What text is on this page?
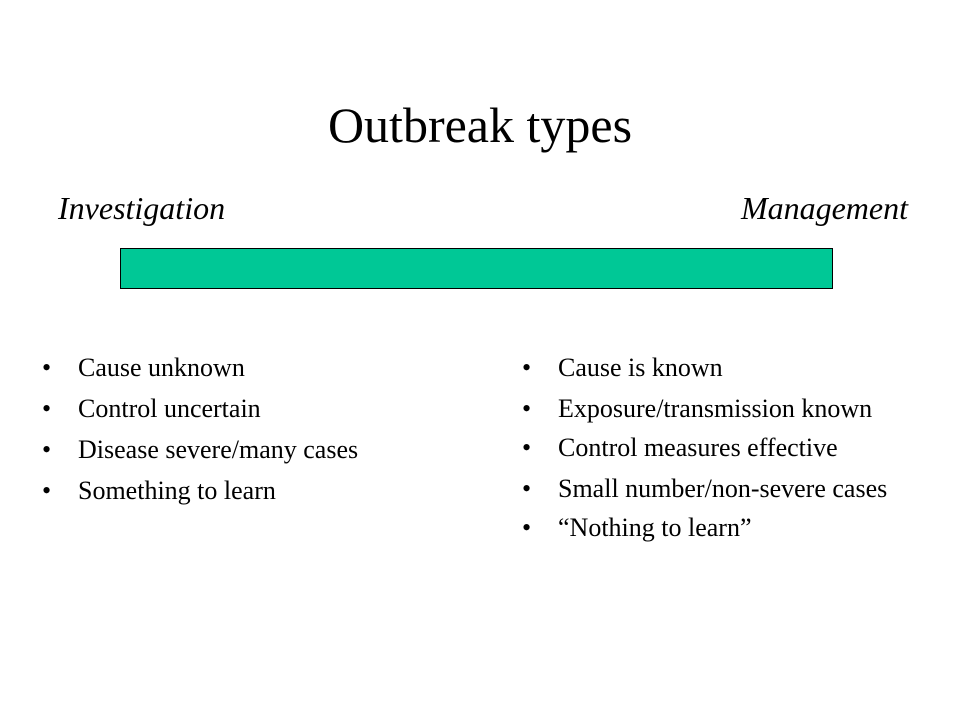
Outbreak types
Investigation	Management
•	Cause unknown
•	Control uncertain
•	Disease severe/many cases
•	Something to learn
•	Cause is known
•	Exposure/transmission known
•	Control measures effective
•	Small number/non-severe cases
•	“Nothing to learn”
